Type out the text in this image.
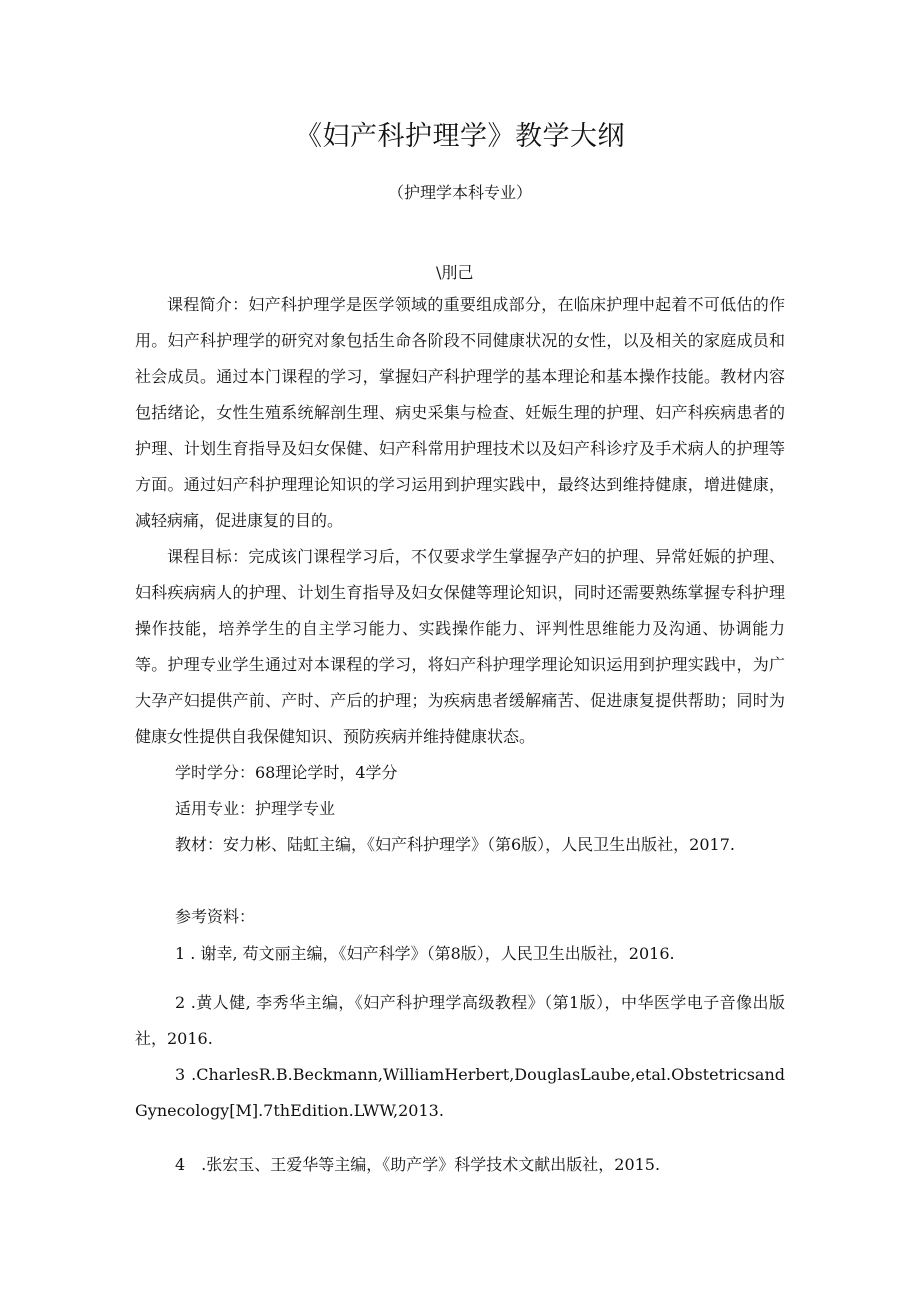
《妇产科护理学》教学大纲
（护理学本科专业）
\刖己

课程简介：妇产科护理学是医学领域的重要组成部分，在临床护理中起着不可低估的作用。妇产科护理学的研究对象包括生命各阶段不同健康状况的女性，以及相关的家庭成员和社会成员。通过本门课程的学习，掌握妇产科护理学的基本理论和基本操作技能。教材内容包括绪论，女性生殖系统解剖生理、病史采集与检查、妊娠生理的护理、妇产科疾病患者的护理、计划生育指导及妇女保健、妇产科常用护理技术以及妇产科诊疗及手术病人的护理等方面。通过妇产科护理理论知识的学习运用到护理实践中，最终达到维持健康，增进健康，减轻病痛，促进康复的目的。

课程目标：完成该门课程学习后，不仅要求学生掌握孕产妇的护理、异常妊娠的护理、妇科疾病病人的护理、计划生育指导及妇女保健等理论知识，同时还需要熟练掌握专科护理操作技能，培养学生的自主学习能力、实践操作能力、评判性思维能力及沟通、协调能力等。护理专业学生通过对本课程的学习，将妇产科护理学理论知识运用到护理实践中，为广大孕产妇提供产前、产时、产后的护理；为疾病患者缓解痛苦、促进康复提供帮助；同时为健康女性提供自我保健知识、预防疾病并维持健康状态。

学时学分：68理论学时，4学分
适用专业：护理学专业

教材：安力彬、陆虹主编，《妇产科护理学》（第6版），人民卫生出版社，2017.

参考资料：

1 . 谢幸, 苟文丽主编，《妇产科学》（第8版），人民卫生出版社，2016.

2 .黄人健, 李秀华主编，《妇产科护理学高级教程》（第1版），中华医学电子音像出版社，2016.

3 .CharlesR.B.Beckmann,WilliamHerbert,DouglasLaube,etal.ObstetricsandGynecology[M].7thEdition.LWW,2013.

4　.张宏玉、王爱华等主编，《助产学》科学技术文献出版社，2015.
